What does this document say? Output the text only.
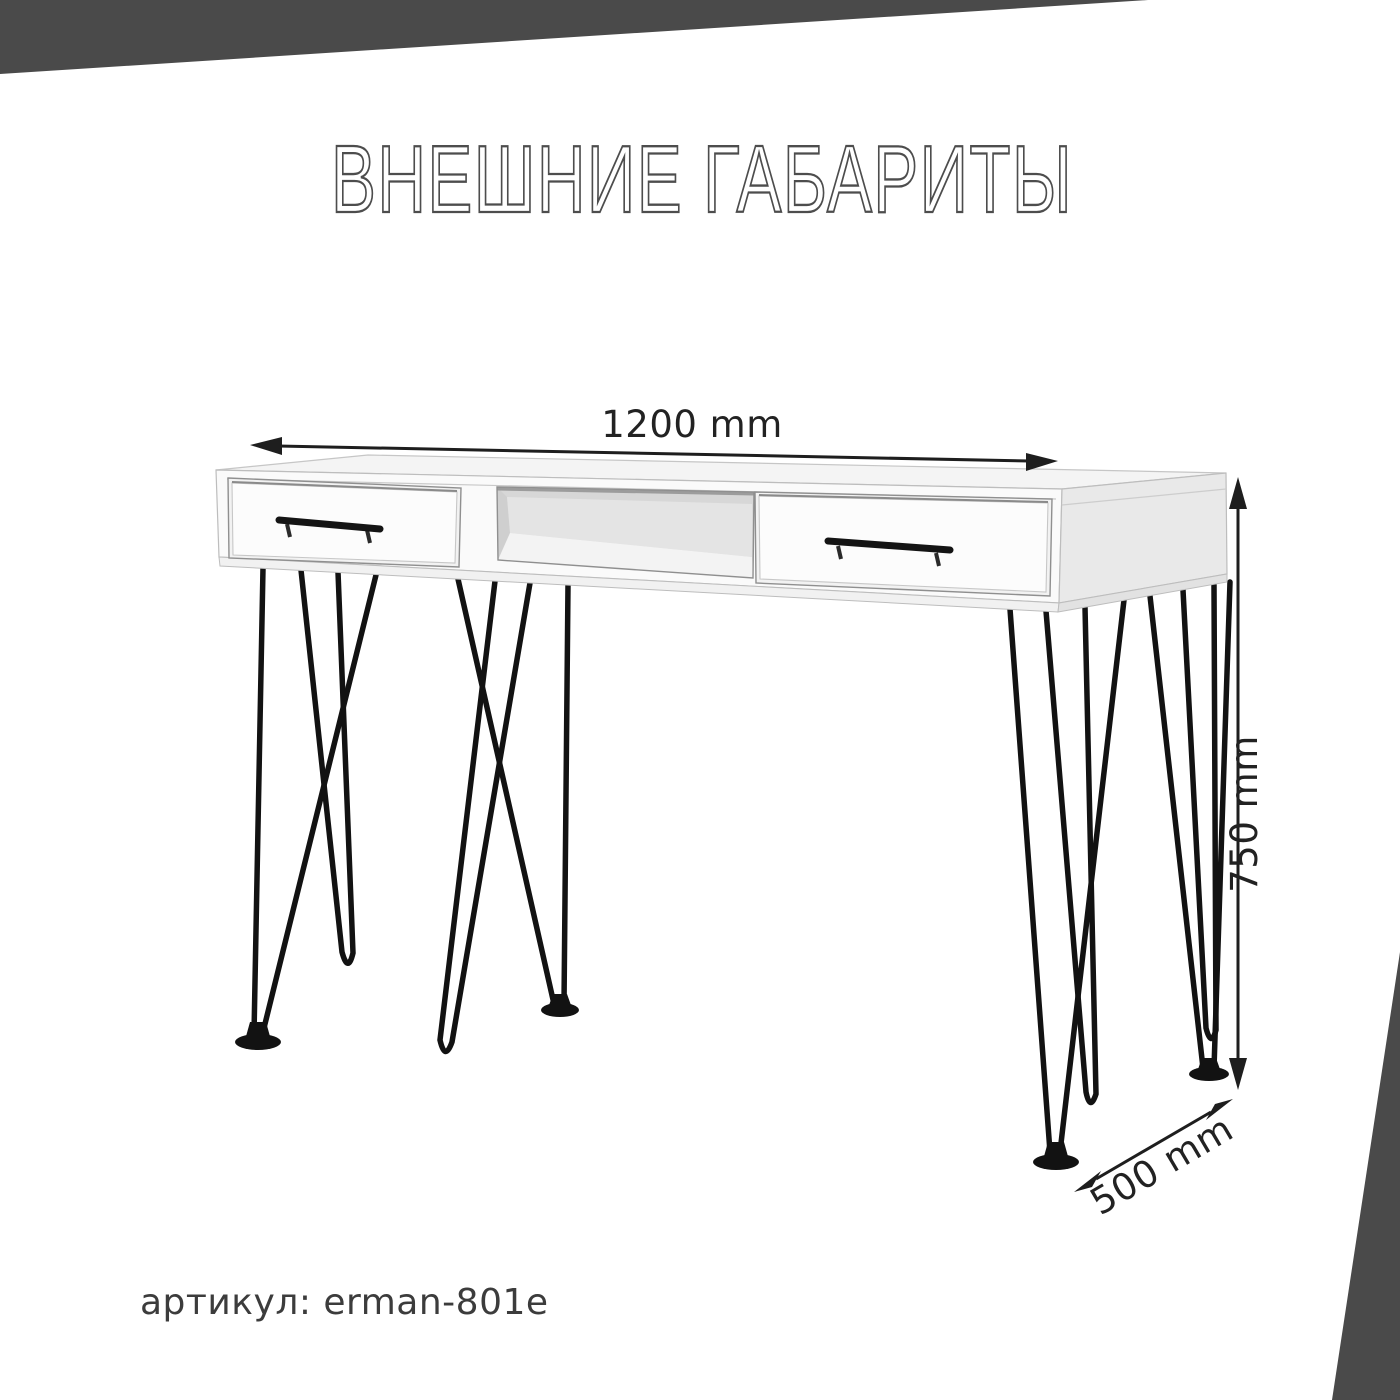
ВНЕШНИЕ ГАБАРИТЫ
1200 mm
750 mm
500 mm
артикул: erman-801e
